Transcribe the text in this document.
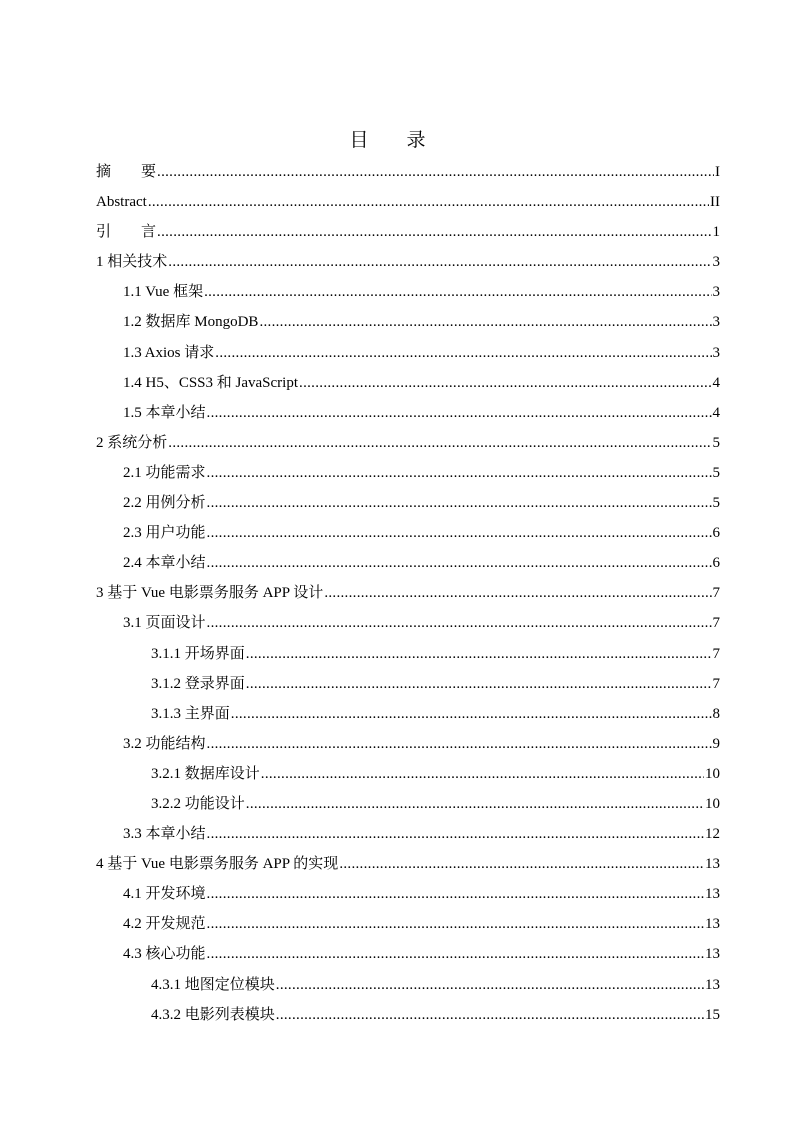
目录
摘　　要 .....	I
Abstract .....	II
引　　言 .....	1
1 相关技术 .....	3
1.1 Vue 框架 .....	3
1.2 数据库 MongoDB .....	3
1.3 Axios 请求 .....	3
1.4 H5、CSS3 和 JavaScript .....	4
1.5 本章小结 .....	4
2 系统分析 .....	5
2.1 功能需求 .....	5
2.2 用例分析 .....	5
2.3 用户功能 .....	6
2.4 本章小结 .....	6
3 基于 Vue 电影票务服务 APP 设计 .....	7
3.1 页面设计 .....	7
3.1.1 开场界面 .....	7
3.1.2 登录界面 .....	7
3.1.3 主界面 .....	8
3.2 功能结构 .....	9
3.2.1 数据库设计 .....	10
3.2.2 功能设计 .....	10
3.3 本章小结 .....	12
4 基于 Vue 电影票务服务 APP 的实现 .....	13
4.1 开发环境 .....	13
4.2 开发规范 .....	13
4.3 核心功能 .....	13
4.3.1 地图定位模块 .....	13
4.3.2 电影列表模块 .....	15
